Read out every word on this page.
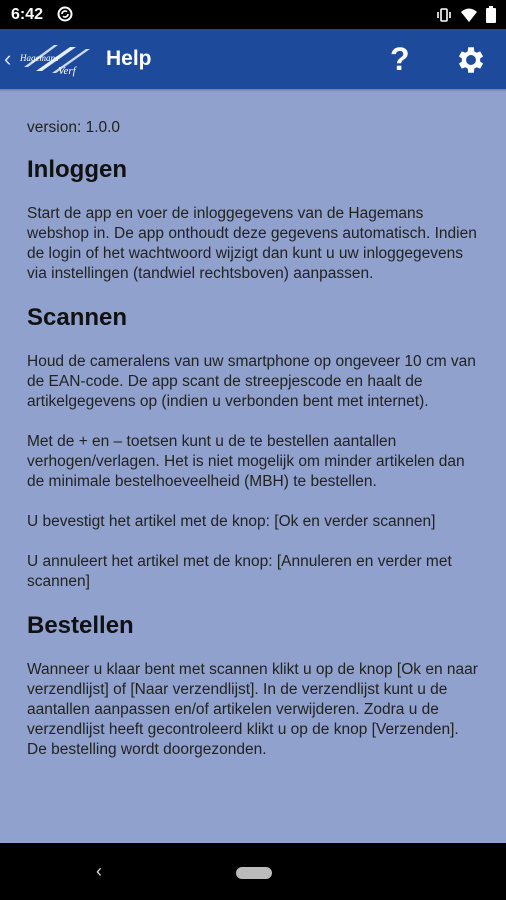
6:42
‹ Hagemans
Verf
Help	?

version: 1.0.0

Inloggen

Start de app en voer de inloggegevens van de Hagemans webshop in. De app onthoudt deze gegevens automatisch. Indien de login of het wachtwoord wijzigt dan kunt u uw inloggegevens via instellingen (tandwiel rechtsboven) aanpassen.

Scannen

Houd de cameralens van uw smartphone op ongeveer 10 cm van de EAN-code. De app scant de streepjescode en haalt de artikelgegevens op (indien u verbonden bent met internet).

Met de + en – toetsen kunt u de te bestellen aantallen verhogen/verlagen. Het is niet mogelijk om minder artikelen dan de minimale bestelhoeveelheid (MBH) te bestellen.

U bevestigt het artikel met de knop: [Ok en verder scannen]

U annuleert het artikel met de knop: [Annuleren en verder met scannen]

Bestellen

Wanneer u klaar bent met scannen klikt u op de knop [Ok en naar verzendlijst] of [Naar verzendlijst]. In de verzendlijst kunt u de aantallen aanpassen en/of artikelen verwijderen. Zodra u de verzendlijst heeft gecontroleerd klikt u op de knop [Verzenden]. De bestelling wordt doorgezonden.

‹
